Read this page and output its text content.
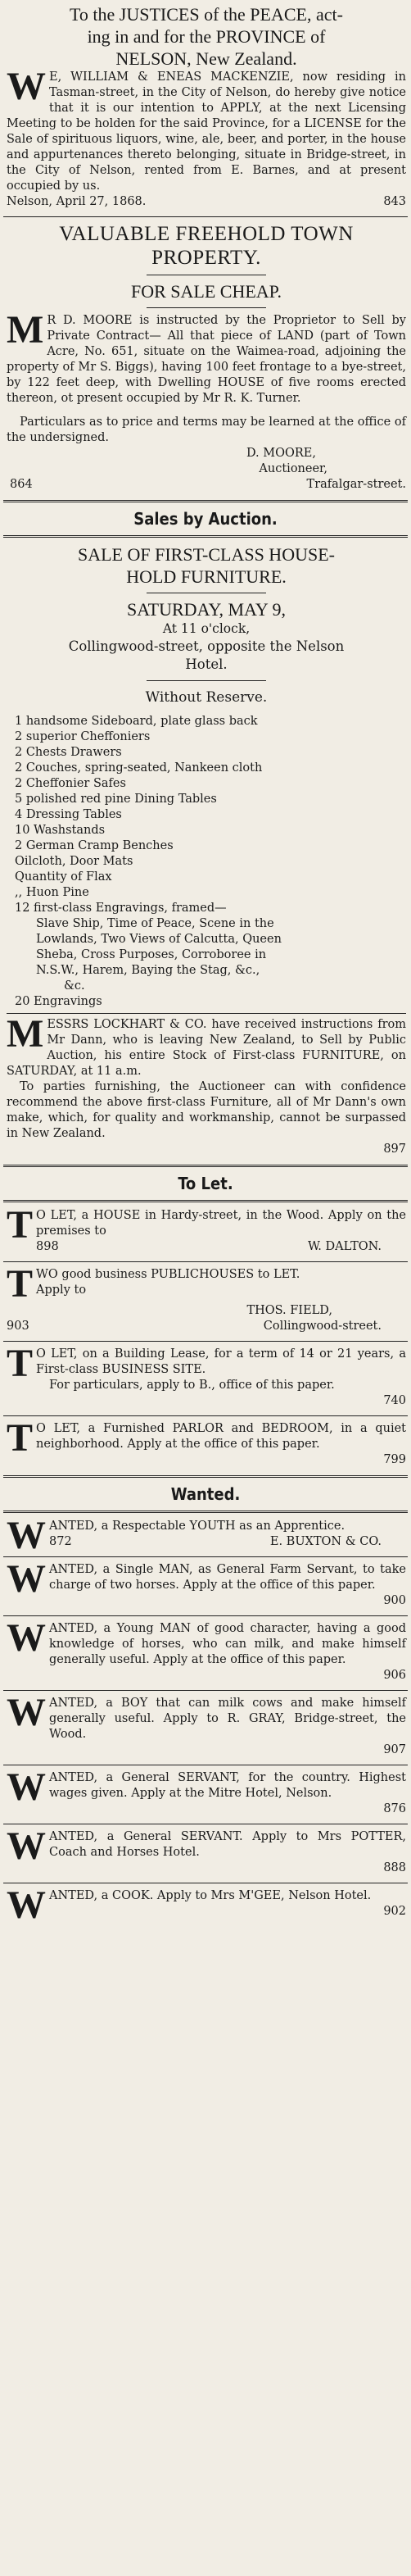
To the JUSTICES of the PEACE, act-
ing in and for the PROVINCE of
NELSON, New Zealand.

W E, WILLIAM & ENEAS MACKENZIE, now residing in Tasman-street, in the City of Nelson, do hereby give notice that it is our intention to APPLY, at the next Licensing Meeting to be holden for the said Province, for a LICENSE for the Sale of spirituous liquors, wine, ale, beer, and porter, in the house and appurtenances thereto belonging, situate in Bridge-street, in the City of Nelson, rented from E. Barnes, and at present occupied by us.

Nelson, April 27, 1868.	843
VALUABLE FREEHOLD TOWN
PROPERTY.
FOR SALE CHEAP.

M R D. MOORE is instructed by the Proprietor to Sell by Private Contract— All that piece of LAND (part of Town Acre, No. 651, situate on the Waimea-road, adjoining the property of Mr S. Biggs), having 100 feet frontage to a bye-street, by 122 feet deep, with Dwelling HOUSE of five rooms erected thereon, ot present occupied by Mr R. K. Turner.

Particulars as to price and terms may be learned at the office of the undersigned.

D. MOORE,
Auctioneer,
864	Trafalgar-street.
Sales by Auction.
SALE OF FIRST-CLASS HOUSE-
HOLD FURNITURE.
SATURDAY, MAY 9,
At 11 o'clock,
Collingwood-street, opposite the Nelson
Hotel.
Without Reserve.
1 handsome Sideboard, plate glass back
2 superior Cheffoniers
2 Chests Drawers
2 Couches, spring-seated, Nankeen cloth
2 Cheffonier Safes
5 polished red pine Dining Tables
4 Dressing Tables
10 Washstands
2 German Cramp Benches
Oilcloth, Door Mats
Quantity of Flax
,, Huon Pine
12 first-class Engravings, framed—
Slave Ship, Time of Peace, Scene in the
Lowlands, Two Views of Calcutta, Queen
Sheba, Cross Purposes, Corroboree in
N.S.W., Harem, Baying the Stag, &c.,
&c.
20 Engravings

MESSRS LOCKHART & CO. have received instructions from Mr Dann, who is leaving New Zealand, to Sell by Public Auction, his entire Stock of First-class FURNITURE, on SATURDAY, at 11 a.m.

To parties furnishing, the Auctioneer can with confidence recommend the above first-class Furniture, all of Mr Dann's own make, which, for quality and workmanship, cannot be surpassed in New Zealand.

897
To Let.

T O LET, a HOUSE in Hardy-street, in the Wood. Apply on the premises to

898	W. DALTON.

TWO good business PUBLICHOUSES to LET.

Apply to

THOS. FIELD,
903	Collingwood-street.

T O LET, on a Building Lease, for a term of 14 or 21 years, a First-class BUSINESS SITE.

For particulars, apply to B., office of this paper.

740

T O LET, a Furnished PARLOR and BEDROOM, in a quiet neighborhood. Apply at the office of this paper.

799
Wanted.

WANTED, a Respectable YOUTH as an Apprentice.

872	E. BUXTON & CO.

WANTED, a Single MAN, as General Farm Servant, to take charge of two horses. Apply at the office of this paper.

900

WANTED, a Young MAN of good character, having a good knowledge of horses, who can milk, and make himself generally useful. Apply at the office of this paper.

906

WANTED, a BOY that can milk cows and make himself generally useful. Apply to R. GRAY, Bridge-street, the Wood.

907

WANTED, a General SERVANT, for the country. Highest wages given. Apply at the Mitre Hotel, Nelson.

876

WANTED, a General SERVANT. Apply to Mrs POTTER, Coach and Horses Hotel.

888

WANTED, a COOK. Apply to Mrs M'GEE, Nelson Hotel.

902
